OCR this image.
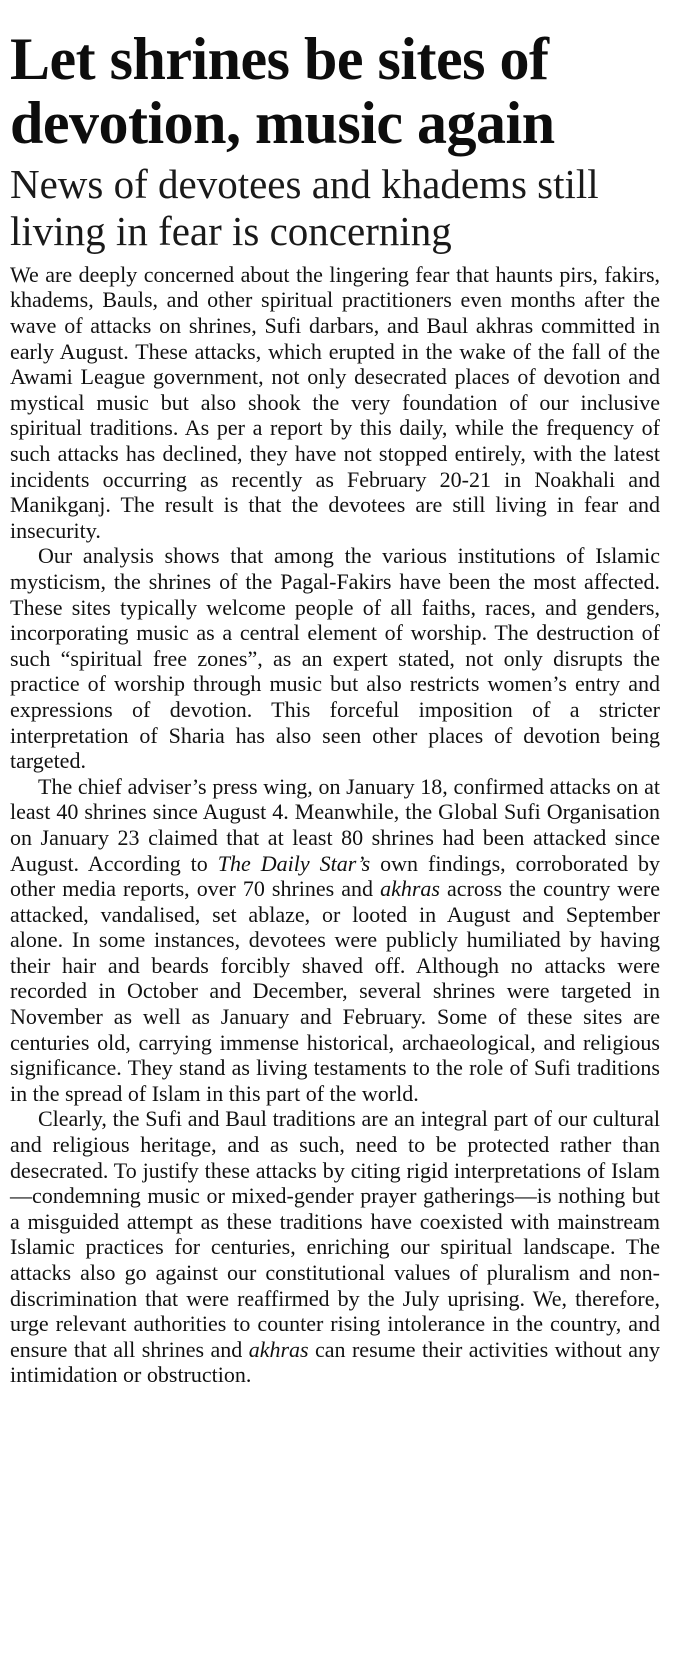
Let shrines be sites of devotion, music again
News of devotees and khadems still living in fear is concerning

We are deeply concerned about the lingering fear that haunts pirs, fakirs, khadems, Bauls, and other spiritual practitioners even months after the wave of attacks on shrines, Sufi darbars, and Baul akhras committed in early August. These attacks, which erupted in the wake of the fall of the Awami League government, not only desecrated places of devotion and mystical music but also shook the very foundation of our inclusive spiritual traditions. As per a report by this daily, while the frequency of such attacks has declined, they have not stopped entirely, with the latest incidents occurring as recently as February 20-21 in Noakhali and Manikganj. The result is that the devotees are still living in fear and insecurity.

Our analysis shows that among the various institutions of Islamic mysticism, the shrines of the Pagal-Fakirs have been the most affected. These sites typically welcome people of all faiths, races, and genders, incorporating music as a central element of worship. The destruction of such “spiritual free zones”, as an expert stated, not only disrupts the practice of worship through music but also restricts women’s entry and expressions of devotion. This forceful imposition of a stricter interpretation of Sharia has also seen other places of devotion being targeted.

The chief adviser’s press wing, on January 18, confirmed attacks on at least 40 shrines since August 4. Meanwhile, the Global Sufi Organisation on January 23 claimed that at least 80 shrines had been attacked since August. According to The Daily Star’s own findings, corroborated by other media reports, over 70 shrines and akhras across the country were attacked, vandalised, set ablaze, or looted in August and September alone. In some instances, devotees were publicly humiliated by having their hair and beards forcibly shaved off. Although no attacks were recorded in October and December, several shrines were targeted in November as well as January and February. Some of these sites are centuries old, carrying immense historical, archaeological, and religious significance. They stand as living testaments to the role of Sufi traditions in the spread of Islam in this part of the world.

Clearly, the Sufi and Baul traditions are an integral part of our cultural and religious heritage, and as such, need to be protected rather than desecrated. To justify these attacks by citing rigid interpretations of Islam—condemning music or mixed-gender prayer gatherings—is nothing but a misguided attempt as these traditions have coexisted with mainstream Islamic practices for centuries, enriching our spiritual landscape. The attacks also go against our constitutional values of pluralism and non-discrimination that were reaffirmed by the July uprising. We, therefore, urge relevant authorities to counter rising intolerance in the country, and ensure that all shrines and akhras can resume their activities without any intimidation or obstruction.
